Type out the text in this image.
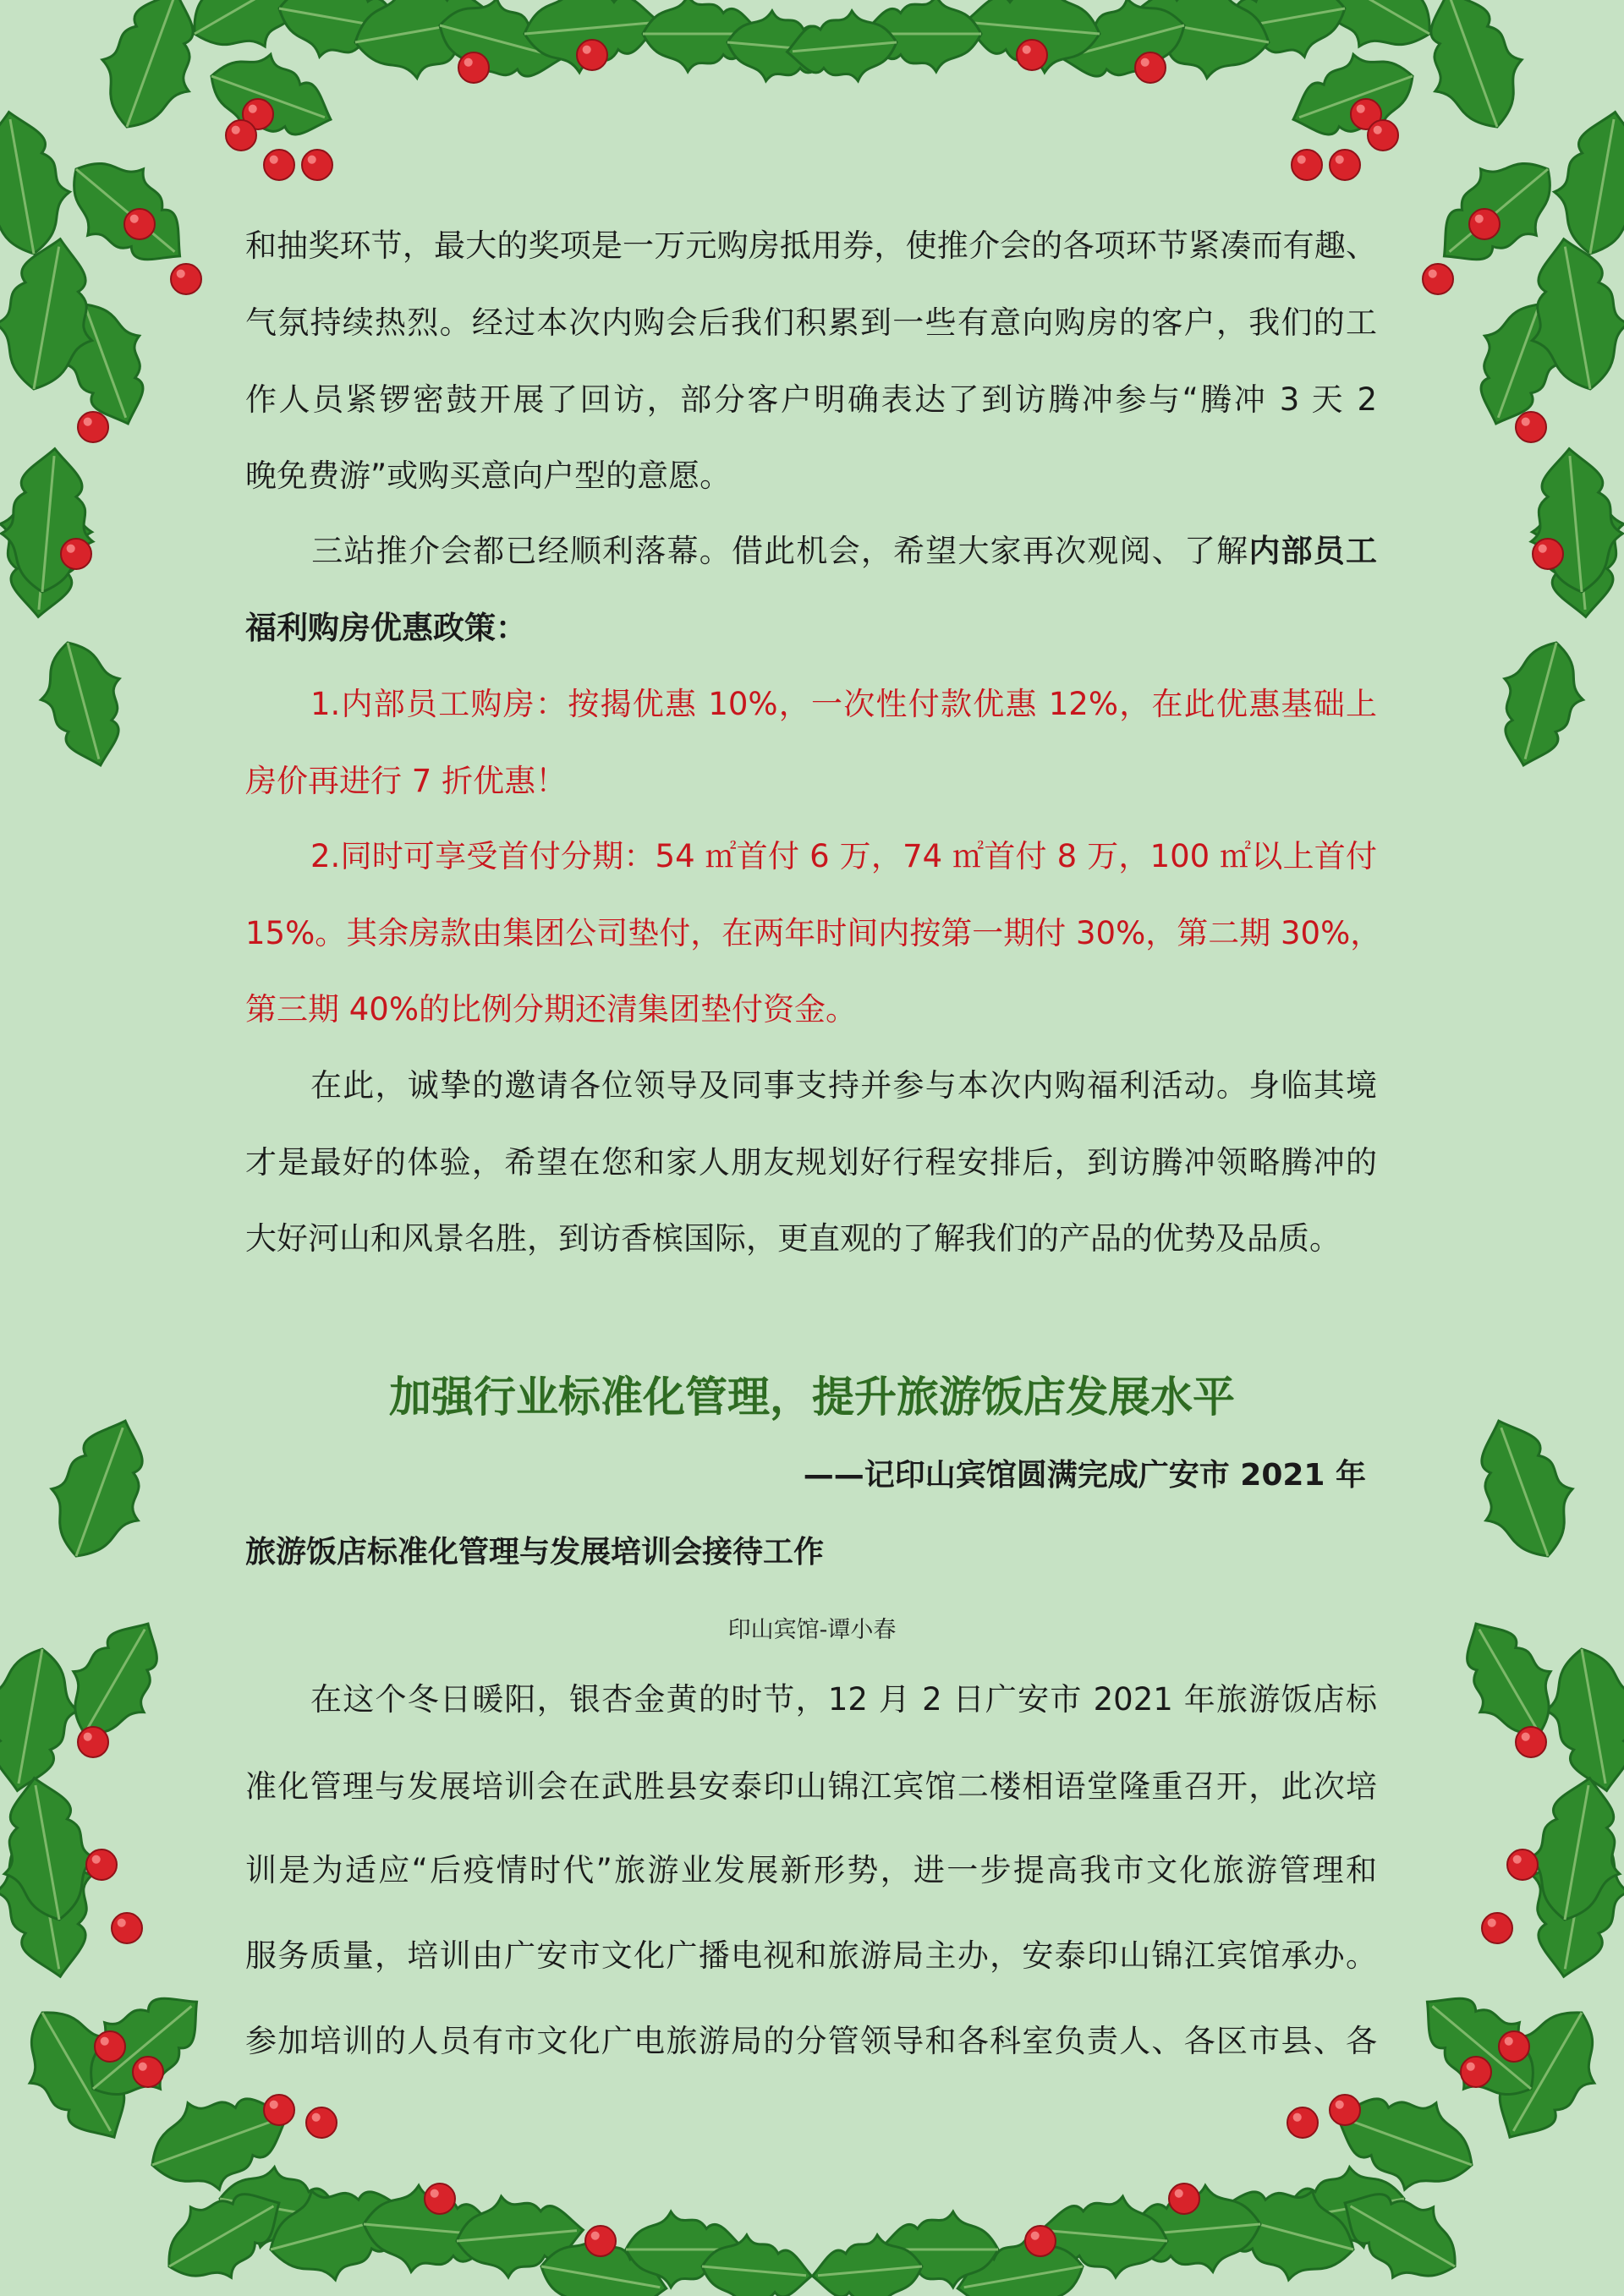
和抽奖环节，最大的奖项是一万元购房抵用券，使推介会的各项环节紧凑而有趣、
气氛持续热烈。经过本次内购会后我们积累到一些有意向购房的客户，我们的工
作人员紧锣密鼓开展了回访，部分客户明确表达了到访腾冲参与“腾冲 3 天 2
晚免费游”或购买意向户型的意愿。
三站推介会都已经顺利落幕。借此机会，希望大家再次观阅、了解内部员工
福利购房优惠政策：
1.内部员工购房：按揭优惠 10%，一次性付款优惠 12%，在此优惠基础上
房价再进行 7 折优惠！
2.同时可享受首付分期：54 ㎡首付 6 万，74 ㎡首付 8 万，100 ㎡以上首付
15%。其余房款由集团公司垫付，在两年时间内按第一期付 30%，第二期 30%，
第三期 40%的比例分期还清集团垫付资金。
在此，诚挚的邀请各位领导及同事支持并参与本次内购福利活动。身临其境
才是最好的体验，希望在您和家人朋友规划好行程安排后，到访腾冲领略腾冲的
大好河山和风景名胜，到访香槟国际，更直观的了解我们的产品的优势及品质。
加强行业标准化管理，提升旅游饭店发展水平
——记印山宾馆圆满完成广安市 2021 年
旅游饭店标准化管理与发展培训会接待工作
印山宾馆-谭小春
在这个冬日暖阳，银杏金黄的时节，12 月 2 日广安市 2021 年旅游饭店标
准化管理与发展培训会在武胜县安泰印山锦江宾馆二楼相语堂隆重召开，此次培
训是为适应“后疫情时代”旅游业发展新形势，进一步提高我市文化旅游管理和
服务质量，培训由广安市文化广播电视和旅游局主办，安泰印山锦江宾馆承办。
参加培训的人员有市文化广电旅游局的分管领导和各科室负责人、各区市县、各
